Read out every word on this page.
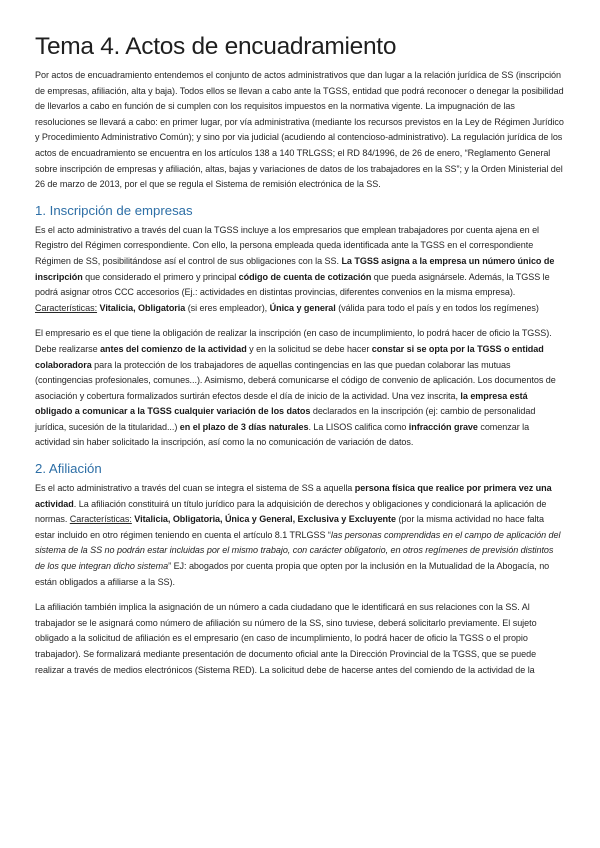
Tema 4. Actos de encuadramiento

Por actos de encuadramiento entendemos el conjunto de actos administrativos que dan lugar a la relación jurídica de SS (inscripción de empresas, afiliación, alta y baja). Todos ellos se llevan a cabo ante la TGSS, entidad que podrá reconocer o denegar la posibilidad de llevarlos a cabo en función de si cumplen con los requisitos impuestos en la normativa vigente. La impugnación de las resoluciones se llevará a cabo: en primer lugar, por vía administrativa (mediante los recursos previstos en la Ley de Régimen Jurídico y Procedimiento Administrativo Común); y sino por via judicial (acudiendo al contencioso-administrativo). La regulación jurídica de los actos de encuadramiento se encuentra en los artículos 138 a 140 TRLGSS; el RD 84/1996, de 26 de enero, “Reglamento General sobre inscripción de empresas y afiliación, altas, bajas y variaciones de datos de los trabajadores en la SS”; y la Orden Ministerial del 26 de marzo de 2013, por el que se regula el Sistema de remisión electrónica de la SS.

1. Inscripción de empresas

Es el acto administrativo a través del cuan la TGSS incluye a los empresarios que emplean trabajadores por cuenta ajena en el Registro del Régimen correspondiente. Con ello, la persona empleada queda identificada ante la TGSS en el correspondiente Régimen de SS, posibilitándose así el control de sus obligaciones con la SS. La TGSS asigna a la empresa un número único de inscripción que considerado el primero y principal código de cuenta de cotización que pueda asignársele. Además, la TGSS le podrá asignar otros CCC accesorios (Ej.: actividades en distintas provincias, diferentes convenios en la misma empresa).
Características: Vitalicia, Obligatoria (si eres empleador), Única y general (válida para todo el país y en todos los regímenes)

El empresario es el que tiene la obligación de realizar la inscripción (en caso de incumplimiento, lo podrá hacer de oficio la TGSS). Debe realizarse antes del comienzo de la actividad y en la solicitud se debe hacer constar si se opta por la TGSS o entidad colaboradora para la protección de los trabajadores de aquellas contingencias en las que puedan colaborar las mutuas (contingencias profesionales, comunes...). Asimismo, deberá comunicarse el código de convenio de aplicación. Los documentos de asociación y cobertura formalizados surtirán efectos desde el día de inicio de la actividad. Una vez inscrita, la empresa está obligado a comunicar a la TGSS cualquier variación de los datos declarados en la inscripción (ej: cambio de personalidad jurídica, sucesión de la titularidad...) en el plazo de 3 días naturales. La LISOS califica como infracción grave comenzar la actividad sin haber solicitado la inscripción, así como la no comunicación de variación de datos.

2. Afiliación

Es el acto administrativo a través del cuan se integra el sistema de SS a aquella persona física que realice por primera vez una actividad. La afiliación constituirá un título jurídico para la adquisición de derechos y obligaciones y condicionará la aplicación de normas. Características: Vitalicia, Obligatoria, Única y General, Exclusiva y Excluyente (por la misma actividad no hace falta estar incluido en otro régimen teniendo en cuenta el artículo 8.1 TRLGSS “las personas comprendidas en el campo de aplicación del sistema de la SS no podrán estar incluidas por el mismo trabajo, con carácter obligatorio, en otros regímenes de previsión distintos de los que integran dicho sistema” EJ: abogados por cuenta propia que opten por la inclusión en la Mutualidad de la Abogacía, no están obligados a afiliarse a la SS).

La afiliación también implica la asignación de un número a cada ciudadano que le identificará en sus relaciones con la SS. Al trabajador se le asignará como número de afiliación su número de la SS, sino tuviese, deberá solicitarlo previamente. El sujeto obligado a la solicitud de afiliación es el empresario (en caso de incumplimiento, lo podrá hacer de oficio la TGSS o el propio trabajador). Se formalizará mediante presentación de documento oficial ante la Dirección Provincial de la TGSS, que se puede realizar a través de medios electrónicos (Sistema RED). La solicitud debe de hacerse antes del comiendo de la actividad de la
